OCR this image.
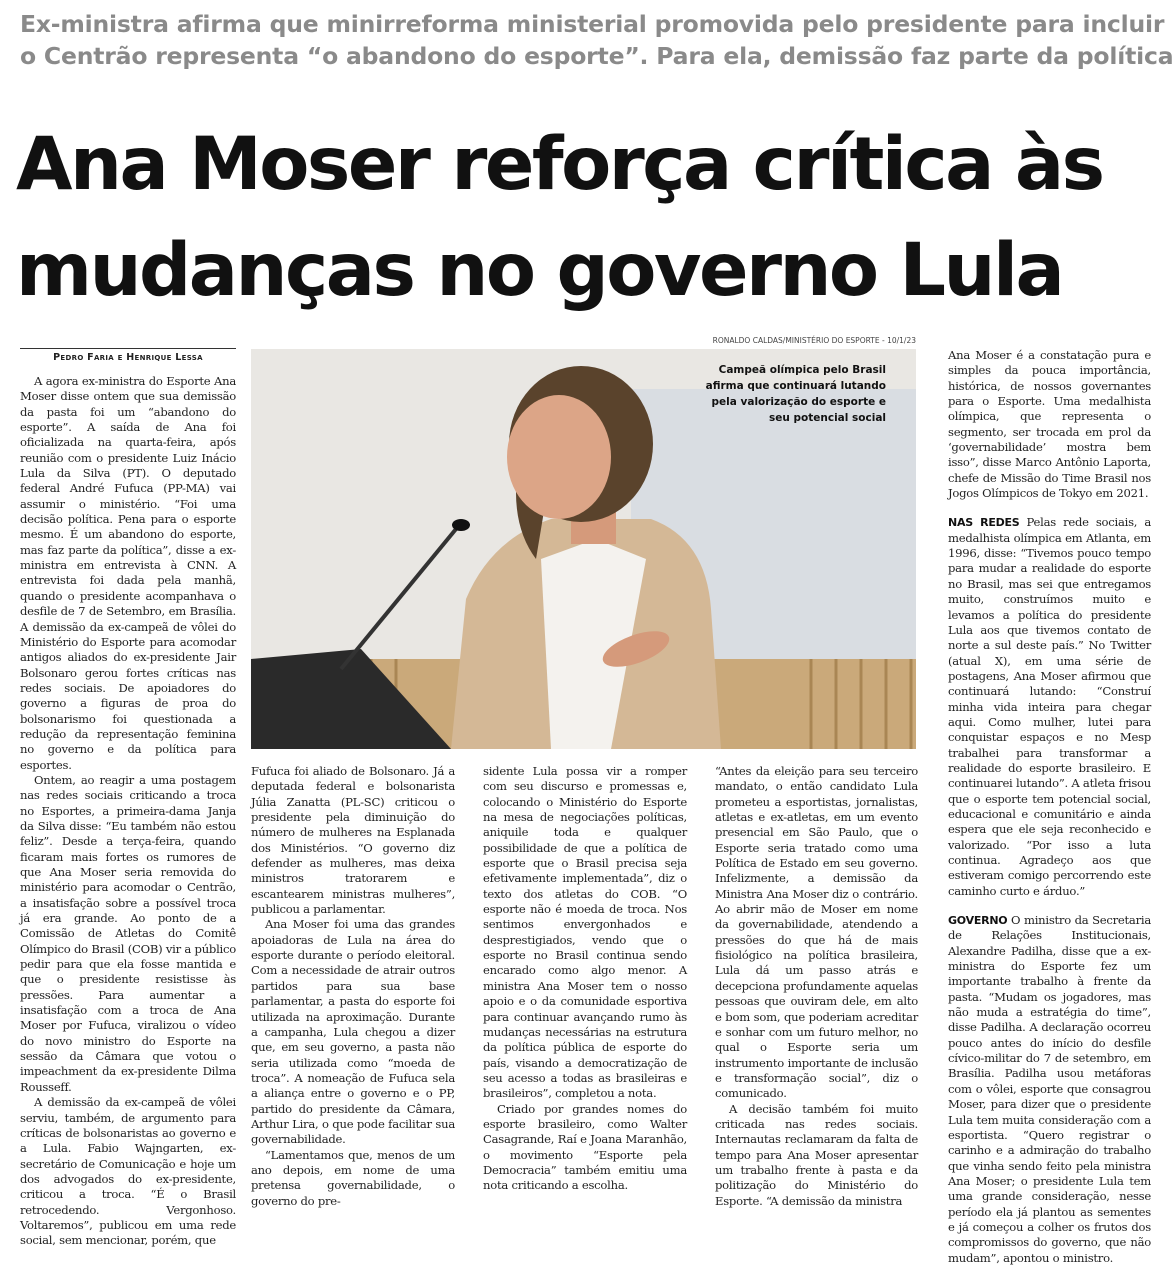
Ex-ministra afirma que minirreforma ministerial promovida pelo presidente para incluir
o Centrão representa “o abandono do esporte”. Para ela, demissão faz parte da política
Ana Moser reforça crítica às
mudanças no governo Lula
Pedro Faria e Henrique Lessa
RONALDO CALDAS/MINISTÉRIO DO ESPORTE - 10/1/23
Campeã olímpica pelo Brasil afirma que continuará lutando pela valorização do esporte e seu potencial social

A agora ex-ministra do Esporte Ana Moser disse ontem que sua demissão da pasta foi um “abandono do esporte”. A saída de Ana foi oficializada na quarta-feira, após reunião com o presidente Luiz Inácio Lula da Silva (PT). O deputado federal André Fufuca (PP-MA) vai assumir o ministério. “Foi uma decisão política. Pena para o esporte mesmo. É um abandono do esporte, mas faz parte da política”, disse a ex-ministra em entrevista à CNN. A entrevista foi dada pela manhã, quando o presidente acompanhava o desfile de 7 de Setembro, em Brasília. A demissão da ex-campeã de vôlei do Ministério do Esporte para acomodar antigos aliados do ex-presidente Jair Bolsonaro gerou fortes críticas nas redes sociais. De apoiadores do governo a figuras de proa do bolsonarismo foi questionada a redução da representação feminina no governo e da política para esportes.

Ontem, ao reagir a uma postagem nas redes sociais criticando a troca no Esportes, a primeira-dama Janja da Silva disse: “Eu também não estou feliz”. Desde a terça-feira, quando ficaram mais fortes os rumores de que Ana Moser seria removida do ministério para acomodar o Centrão, a insatisfação sobre a possível troca já era grande. Ao ponto de a Comissão de Atletas do Comitê Olímpico do Brasil (COB) vir a público pedir para que ela fosse mantida e que o presidente resistisse às pressões. Para aumentar a insatisfação com a troca de Ana Moser por Fufuca, viralizou o vídeo do novo ministro do Esporte na sessão da Câmara que votou o impeachment da ex-presidente Dilma Rousseff.

A demissão da ex-campeã de vôlei serviu, também, de argumento para críticas de bolsonaristas ao governo e a Lula. Fabio Wajngarten, ex-secretário de Comunicação e hoje um dos advogados do ex-presidente, criticou a troca. “É o Brasil retrocedendo. Vergonhoso. Voltaremos”, publicou em uma rede social, sem mencionar, porém, que

Fufuca foi aliado de Bolsonaro. Já a deputada federal e bolsonarista Júlia Zanatta (PL-SC) criticou o presidente pela diminuição do número de mulheres na Esplanada dos Ministérios. “O governo diz defender as mulheres, mas deixa ministros tratorarem e escantearem ministras mulheres”, publicou a parlamentar.

Ana Moser foi uma das grandes apoiadoras de Lula na área do esporte durante o período eleitoral. Com a necessidade de atrair outros partidos para sua base parlamentar, a pasta do esporte foi utilizada na aproximação. Durante a campanha, Lula chegou a dizer que, em seu governo, a pasta não seria utilizada como “moeda de troca”. A nomeação de Fufuca sela a aliança entre o governo e o PP, partido do presidente da Câmara, Arthur Lira, o que pode facilitar sua governabilidade.

“Lamentamos que, menos de um ano depois, em nome de uma pretensa governabilidade, o governo do pre-

sidente Lula possa vir a romper com seu discurso e promessas e, colocando o Ministério do Esporte na mesa de negociações políticas, aniquile toda e qualquer possibilidade de que a política de esporte que o Brasil precisa seja efetivamente implementada”, diz o texto dos atletas do COB. “O esporte não é moeda de troca. Nos sentimos envergonhados e desprestigiados, vendo que o esporte no Brasil continua sendo encarado como algo menor. A ministra Ana Moser tem o nosso apoio e o da comunidade esportiva para continuar avançando rumo às mudanças necessárias na estrutura da política pública de esporte do país, visando a democratização de seu acesso a todas as brasileiras e brasileiros”, completou a nota.

Criado por grandes nomes do esporte brasileiro, como Walter Casagrande, Raí e Joana Maranhão, o movimento “Esporte pela Democracia” também emitiu uma nota criticando a escolha.

“Antes da eleição para seu terceiro mandato, o então candidato Lula prometeu a esportistas, jornalistas, atletas e ex-atletas, em um evento presencial em São Paulo, que o Esporte seria tratado como uma Política de Estado em seu governo. Infelizmente, a demissão da Ministra Ana Moser diz o contrário. Ao abrir mão de Moser em nome da governabilidade, atendendo a pressões do que há de mais fisiológico na política brasileira, Lula dá um passo atrás e decepciona profundamente aquelas pessoas que ouviram dele, em alto e bom som, que poderiam acreditar e sonhar com um futuro melhor, no qual o Esporte seria um instrumento importante de inclusão e transformação social”, diz o comunicado.

A decisão também foi muito criticada nas redes sociais. Internautas reclamaram da falta de tempo para Ana Moser apresentar um trabalho frente à pasta e da politização do Ministério do Esporte. “A demissão da ministra

Ana Moser é a constatação pura e simples da pouca importância, histórica, de nossos governantes para o Esporte. Uma medalhista olímpica, que representa o segmento, ser trocada em prol da ‘governabilidade’ mostra bem isso”, disse Marco Antônio Laporta, chefe de Missão do Time Brasil nos Jogos Olímpicos de Tokyo em 2021.

NAS REDES Pelas rede sociais, a medalhista olímpica em Atlanta, em 1996, disse: “Tivemos pouco tempo para mudar a realidade do esporte no Brasil, mas sei que entregamos muito, construímos muito e levamos a política do presidente Lula aos que tivemos contato de norte a sul deste país.” No Twitter (atual X), em uma série de postagens, Ana Moser afirmou que continuará lutando: “Construí minha vida inteira para chegar aqui. Como mulher, lutei para conquistar espaços e no Mesp trabalhei para transformar a realidade do esporte brasileiro. E continuarei lutando”. A atleta frisou que o esporte tem potencial social, educacional e comunitário e ainda espera que ele seja reconhecido e valorizado. “Por isso a luta continua. Agradeço aos que estiveram comigo percorrendo este caminho curto e árduo.”

GOVERNO O ministro da Secretaria de Relações Institucionais, Alexandre Padilha, disse que a ex-ministra do Esporte fez um importante trabalho à frente da pasta. “Mudam os jogadores, mas não muda a estratégia do time”, disse Padilha. A declaração ocorreu pouco antes do início do desfile cívico-militar do 7 de setembro, em Brasília. Padilha usou metáforas com o vôlei, esporte que consagrou Moser, para dizer que o presidente Lula tem muita consideração com a esportista. “Quero registrar o carinho e a admiração do trabalho que vinha sendo feito pela ministra Ana Moser; o presidente Lula tem uma grande consideração, nesse período ela já plantou as sementes e já começou a colher os frutos dos compromissos do governo, que não mudam”, apontou o ministro.
